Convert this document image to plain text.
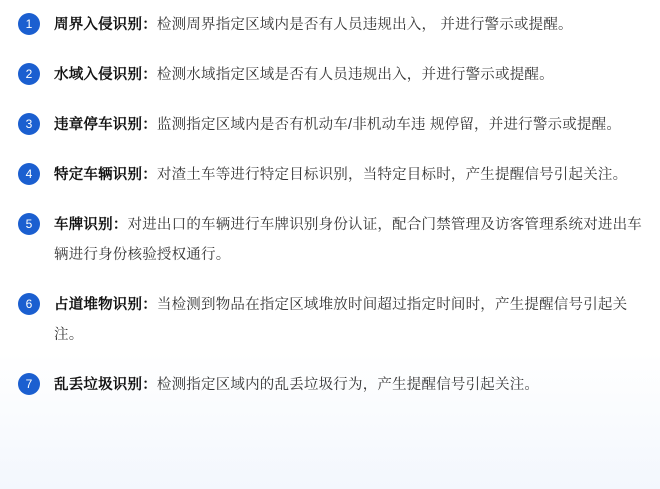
1	周界入侵识别：检测周界指定区域内是否有人员违规出入， 并进行警示或提醒。
2	水域入侵识别：检测水域指定区域是否有人员违规出入，并进行警示或提醒。
3	违章停车识别：监测指定区域内是否有机动车/非机动车违 规停留，并进行警示或提醒。
4	特定车辆识别：对渣土车等进行特定目标识别，当特定目标时，产生提醒信号引起关注。
5	车牌识别：对进出口的车辆进行车牌识别身份认证，配合门禁管理及访客管理系统对进出车辆进行身份核验授权通行。
6	占道堆物识别：当检测到物品在指定区域堆放时间超过指定时间时，产生提醒信号引起关注。
7	乱丢垃圾识别：检测指定区域内的乱丢垃圾行为，产生提醒信号引起关注。
